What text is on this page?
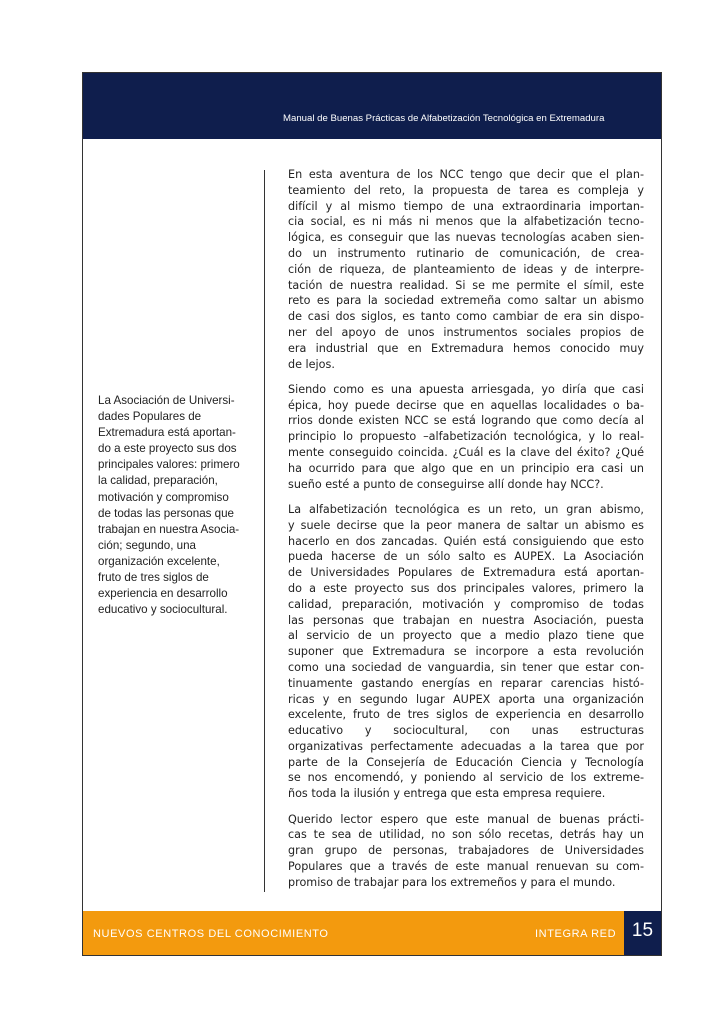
Manual de Buenas Prácticas de Alfabetización Tecnológica en Extremadura
La Asociación de Universi-
dades Populares de
Extremadura está aportan-
do a este proyecto sus dos
principales valores: primero
la calidad, preparación,
motivación y compromiso
de todas las personas que
trabajan en nuestra Asocia-
ción; segundo, una
organización excelente,
fruto de tres siglos de
experiencia en desarrollo
educativo y sociocultural.
En esta aventura de los NCC tengo que decir que el plan-
teamiento del reto, la propuesta de tarea es compleja y
difícil y al mismo tiempo de una extraordinaria importan-
cia social, es ni más ni menos que la alfabetización tecno-
lógica, es conseguir que las nuevas tecnologías acaben sien-
do un instrumento rutinario de comunicación, de crea-
ción de riqueza, de planteamiento de ideas y de interpre-
tación de nuestra realidad. Si se me permite el símil, este
reto es para la sociedad extremeña como saltar un abismo
de casi dos siglos, es tanto como cambiar de era sin dispo-
ner del apoyo de unos instrumentos sociales propios de
era industrial que en Extremadura hemos conocido muy
de lejos.
Siendo como es una apuesta arriesgada, yo diría que casi
épica, hoy puede decirse que en aquellas localidades o ba-
rrios donde existen NCC se está logrando que como decía al
principio lo propuesto –alfabetización tecnológica, y lo real-
mente conseguido coincida. ¿Cuál es la clave del éxito? ¿Qué
ha ocurrido para que algo que en un principio era casi un
sueño esté a punto de conseguirse allí donde hay NCC?.
La alfabetización tecnológica es un reto, un gran abismo,
y suele decirse que la peor manera de saltar un abismo es
hacerlo en dos zancadas. Quién está consiguiendo que esto
pueda hacerse de un sólo salto es AUPEX. La Asociación
de Universidades Populares de Extremadura está aportan-
do a este proyecto sus dos principales valores, primero la
calidad, preparación, motivación y compromiso de todas
las personas que trabajan en nuestra Asociación, puesta
al servicio de un proyecto que a medio plazo tiene que
suponer que Extremadura se incorpore a esta revolución
como una sociedad de vanguardia, sin tener que estar con-
tinuamente gastando energías en reparar carencias histó-
ricas y en segundo lugar AUPEX aporta una organización
excelente, fruto de tres siglos de experiencia en desarrollo
educativo y sociocultural, con unas estructuras
organizativas perfectamente adecuadas a la tarea que por
parte de la Consejería de Educación Ciencia y Tecnología
se nos encomendó, y poniendo al servicio de los extreme-
ños toda la ilusión y entrega que esta empresa requiere.
Querido lector espero que este manual de buenas prácti-
cas te sea de utilidad, no son sólo recetas, detrás hay un
gran grupo de personas, trabajadores de Universidades
Populares que a través de este manual renuevan su com-
promiso de trabajar para los extremeños y para el mundo.
NUEVOS CENTROS DEL CONOCIMIENTO	INTEGRA RED 15
